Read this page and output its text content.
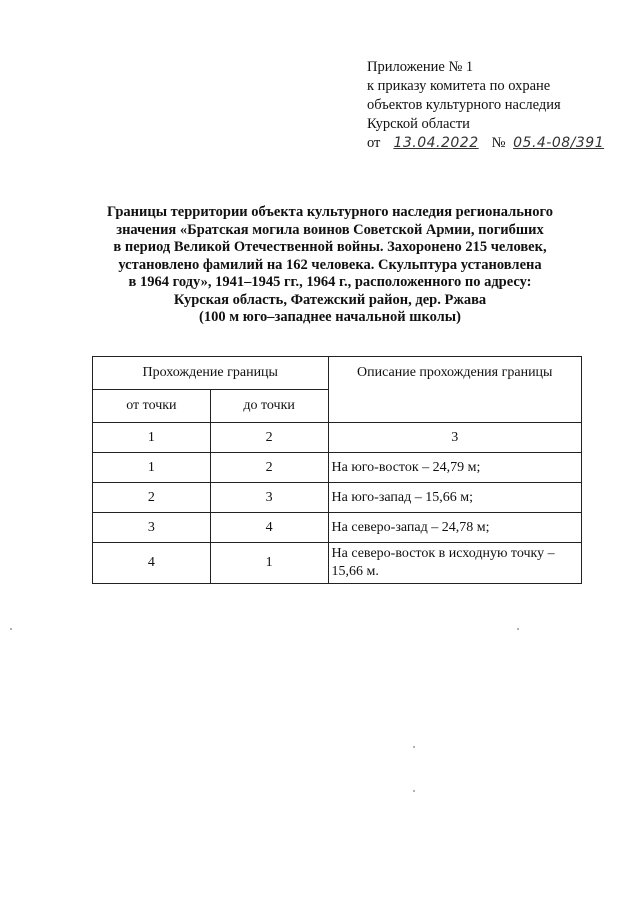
Приложение № 1
к приказу комитета по охране
объектов культурного наследия
Курской области
от 13.04.2022 № 05.4-08/391
Границы территории объекта культурного наследия регионального
значения «Братская могила воинов Советской Армии, погибших
в период Великой Отечественной войны. Захоронено 215 человек,
установлено фамилий на 162 человека. Скульптура установлена
в 1964 году», 1941–1945 гг., 1964 г., расположенного по адресу:
Курская область, Фатежский район, дер. Ржава
(100 м юго–западнее начальной школы)
Прохождение границы		Описание прохождения границы
от точки	до точки	
1	2	3
1	2	На юго-восток – 24,79 м;
2	3	На юго-запад – 15,66 м;
3	4	На северо-запад – 24,78 м;
4	1	На северо-восток в исходную точку – 15,66 м.
